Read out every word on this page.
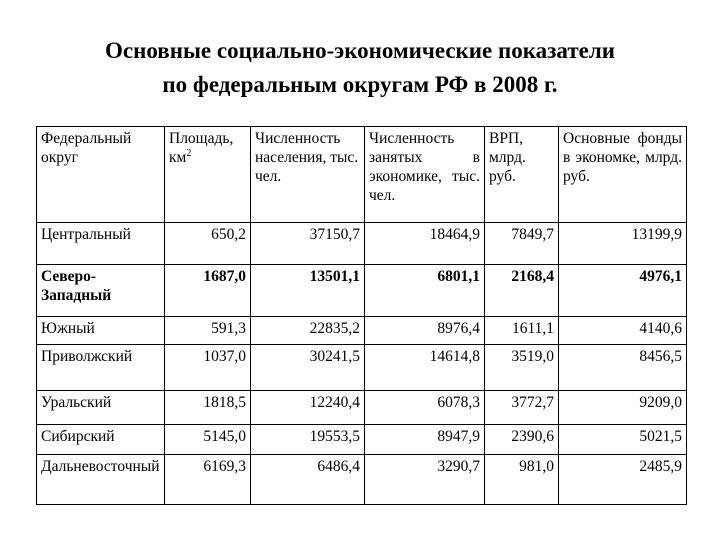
Основные социально-экономические показатели
по федеральным округам РФ в 2008 г.
Федеральный округ	Площадь, $км^2$	Численность населения, тыс. чел.	Численность занятых в экономике, тыс. чел.	ВРП, млрд. руб.	Основные фонды в экономке, млрд. руб.
Центральный	650,2	37150,7	18464,9	7849,7	13199,9
Северо-Западный	1687,0	13501,1	6801,1	2168,4	4976,1
Южный	591,3	22835,2	8976,4	1611,1	4140,6
Приволжский	1037,0	30241,5	14614,8	3519,0	8456,5
Уральский	1818,5	12240,4	6078,3	3772,7	9209,0
Сибирский	5145,0	19553,5	8947,9	2390,6	5021,5
Дальневосточный	6169,3	6486,4	3290,7	981,0	2485,9
